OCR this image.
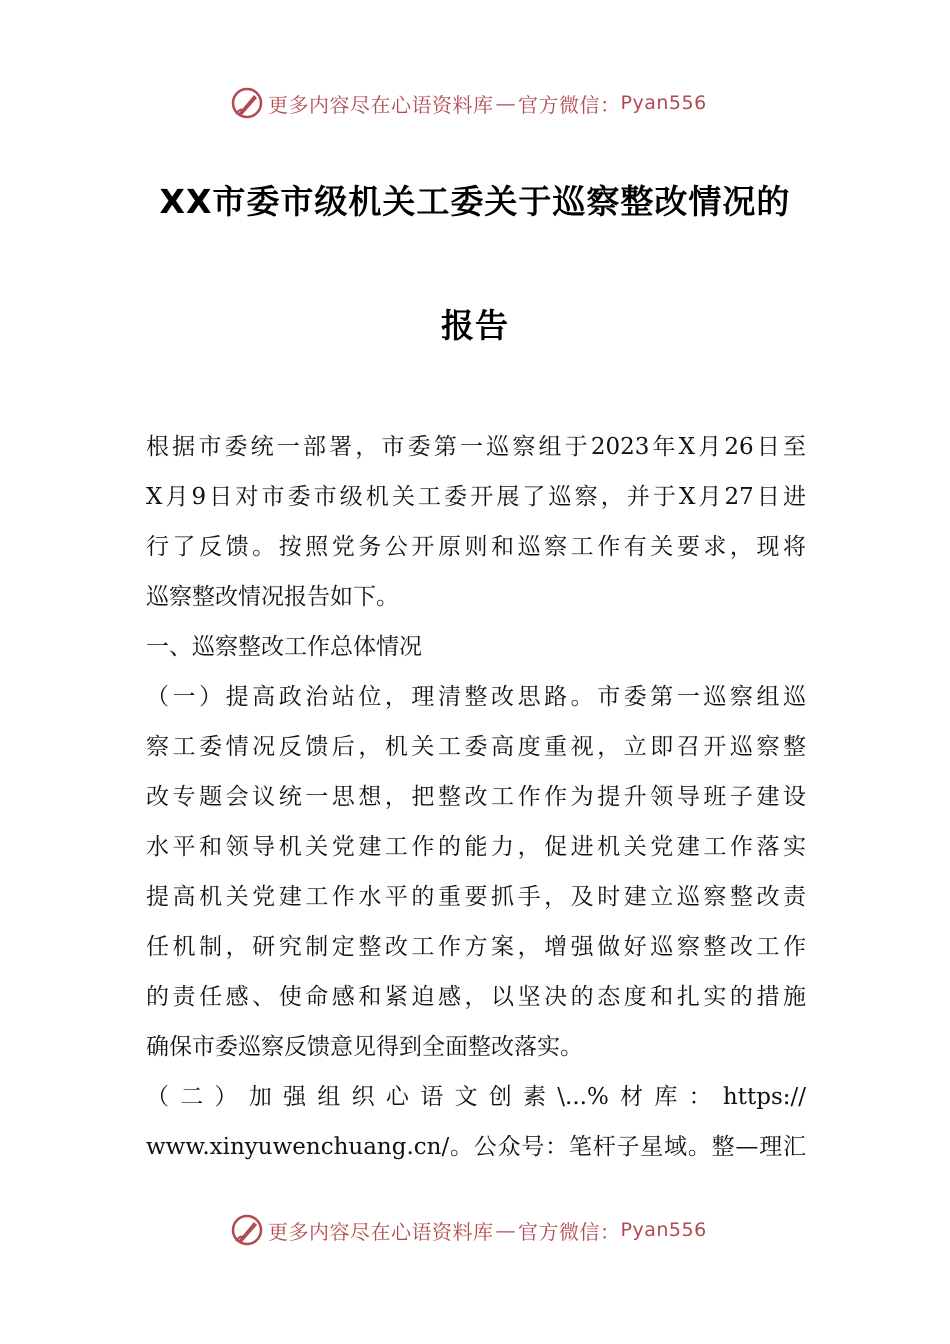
更多内容尽在心语资料库 — 官方微信： Pyan556
XX市委市级机关工委关于巡察整改情况的
报告
根据市委统一部署，市委第一巡察组于2023年X月26日至
X月9日对市委市级机关工委开展了巡察，并于X月27日进
行了反馈。按照党务公开原则和巡察工作有关要求，现将
巡察整改情况报告如下。
一、巡察整改工作总体情况
（一）提高政治站位，理清整改思路。市委第一巡察组巡
察工委情况反馈后，机关工委高度重视，立即召开巡察整
改专题会议统一思想，把整改工作作为提升领导班子建设
水平和领导机关党建工作的能力，促进机关党建工作落实
提高机关党建工作水平的重要抓手，及时建立巡察整改责
任机制，研究制定整改工作方案，增强做好巡察整改工作
的责任感、使命感和紧迫感，以坚决的态度和扎实的措施
确保市委巡察反馈意见得到全面整改落实。
（二）加强组织心语文创素\...%材库：https://
www.xinyuwenchuang.cn/。公众号：笔杆子星域。整—理汇
更多内容尽在心语资料库 — 官方微信： Pyan556
